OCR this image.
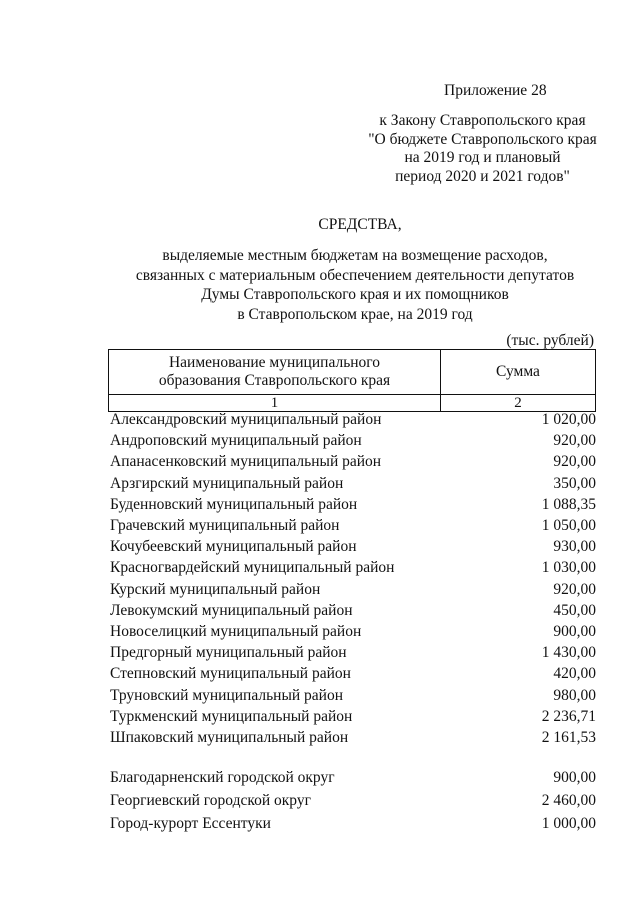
Приложение 28
к Закону Ставропольского края
"О бюджете Ставропольского края
на 2019 год и плановый
период 2020 и 2021 годов"
СРЕДСТВА,
выделяемые местным бюджетам на возмещение расходов,
связанных с материальным обеспечением деятельности депутатов
Думы Ставропольского края и их помощников
в Ставропольском крае, на 2019 год
(тыс. рублей)
Наименование муниципального
образования Ставропольского края	Сумма
1	2
Александровский муниципальный район	1 020,00
Андроповский муниципальный район	920,00
Апанасенковский муниципальный район	920,00
Арзгирский муниципальный район	350,00
Буденновский муниципальный район	1 088,35
Грачевский муниципальный район	1 050,00
Кочубеевский муниципальный район	930,00
Красногвардейский муниципальный район	1 030,00
Курский муниципальный район	920,00
Левокумский муниципальный район	450,00
Новоселицкий муниципальный район	900,00
Предгорный муниципальный район	1 430,00
Степновский муниципальный район	420,00
Труновский муниципальный район	980,00
Туркменский муниципальный район	2 236,71
Шпаковский муниципальный район	2 161,53
Благодарненский городской округ	900,00
Георгиевский городской округ	2 460,00
Город-курорт Ессентуки	1 000,00
